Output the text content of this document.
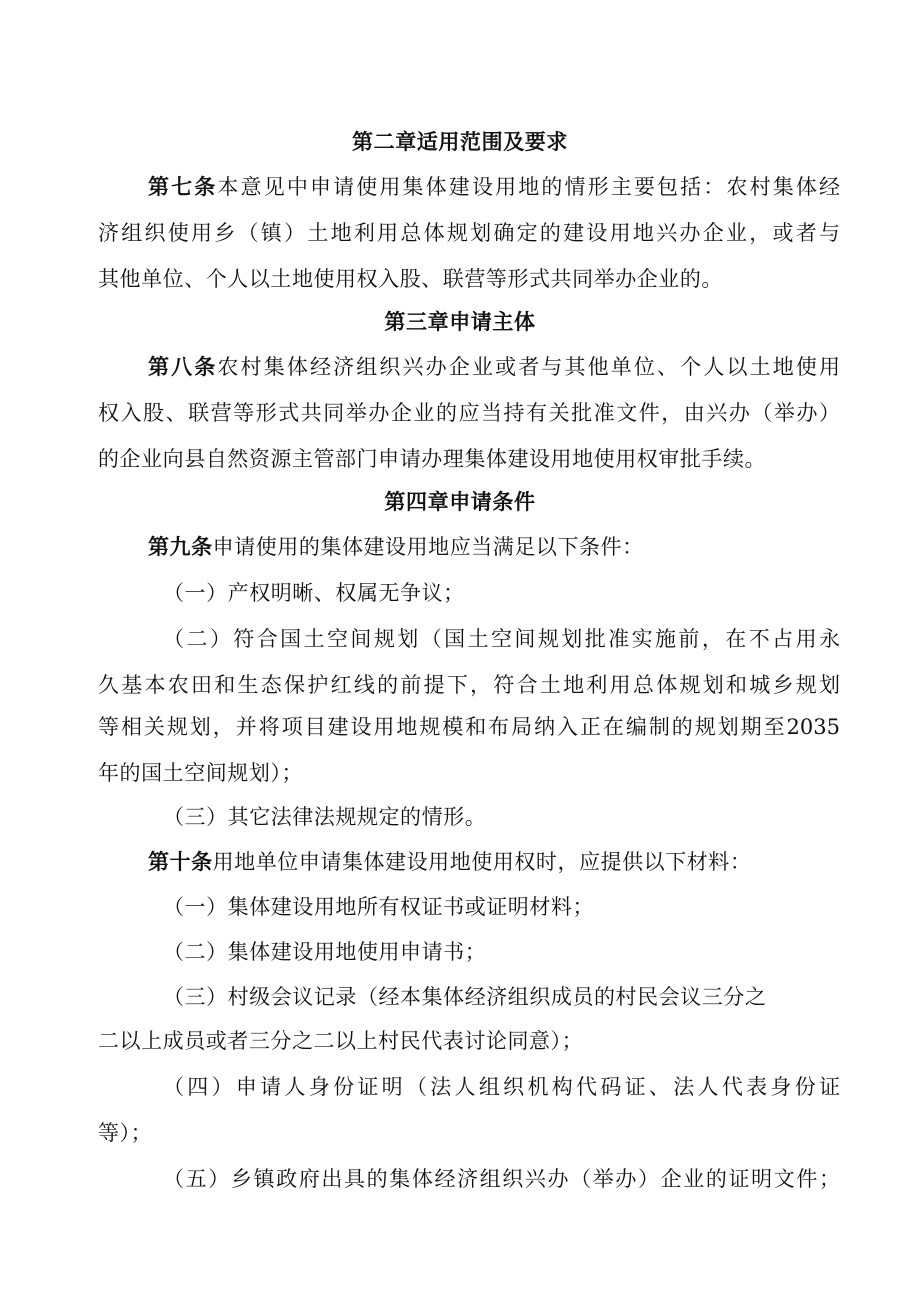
第二章适用范围及要求
第七条本意见中申请使用集体建设用地的情形主要包括：农村集体经
济组织使用乡（镇）土地利用总体规划确定的建设用地兴办企业，或者与
其他单位、个人以土地使用权入股、联营等形式共同举办企业的。
第三章申请主体
第八条农村集体经济组织兴办企业或者与其他单位、个人以土地使用
权入股、联营等形式共同举办企业的应当持有关批准文件，由兴办（举办）
的企业向县自然资源主管部门申请办理集体建设用地使用权审批手续。
第四章申请条件
第九条申请使用的集体建设用地应当满足以下条件：
（一）产权明晰、权属无争议；
（二）符合国土空间规划（国土空间规划批准实施前，在不占用永
久基本农田和生态保护红线的前提下，符合土地利用总体规划和城乡规划
等相关规划，并将项目建设用地规模和布局纳入正在编制的规划期至2035
年的国土空间规划）；
（三）其它法律法规规定的情形。
第十条用地单位申请集体建设用地使用权时，应提供以下材料：
（一）集体建设用地所有权证书或证明材料；
（二）集体建设用地使用申请书；
（三）村级会议记录（经本集体经济组织成员的村民会议三分之
二以上成员或者三分之二以上村民代表讨论同意）；
（四）申请人身份证明（法人组织机构代码证、法人代表身份证
等）；
（五）乡镇政府出具的集体经济组织兴办（举办）企业的证明文件；
